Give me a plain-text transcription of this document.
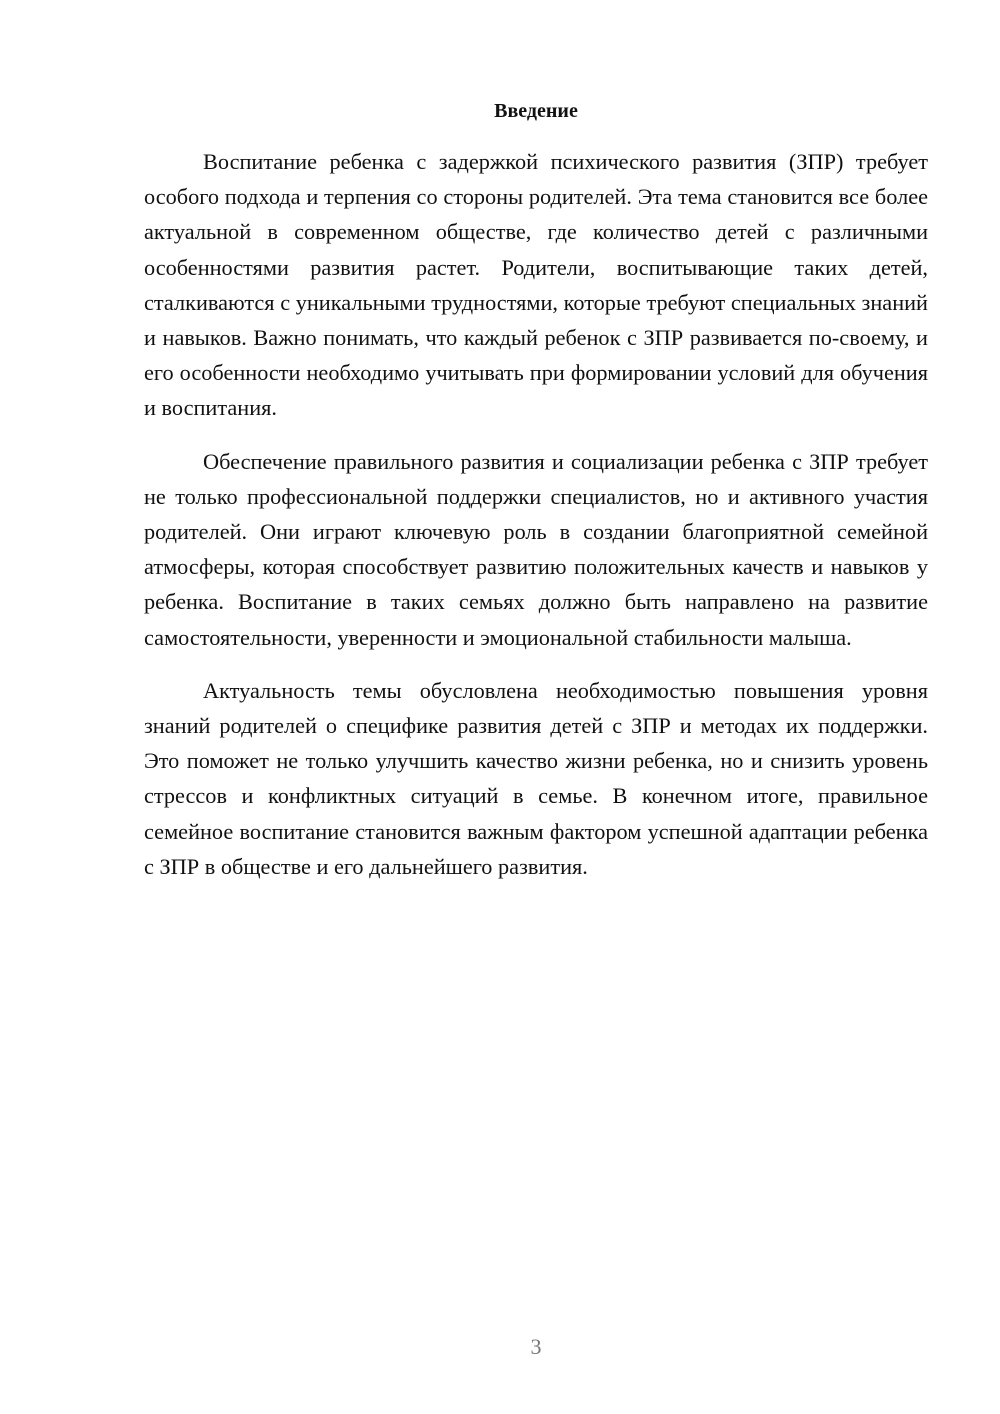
Введение

Воспитание ребенка с задержкой психического развития (ЗПР) требует особого подхода и терпения со стороны родителей. Эта тема становится все более актуальной в современном обществе, где количество детей с различными особенностями развития растет. Родители, воспитывающие таких детей, сталкиваются с уникальными трудностями, которые требуют специальных знаний и навыков. Важно понимать, что каждый ребенок с ЗПР развивается по-своему, и его особенности необходимо учитывать при формировании условий для обучения и воспитания.

Обеспечение правильного развития и социализации ребенка с ЗПР требует не только профессиональной поддержки специалистов, но и активного участия родителей. Они играют ключевую роль в создании благоприятной семейной атмосферы, которая способствует развитию положительных качеств и навыков у ребенка. Воспитание в таких семьях должно быть направлено на развитие самостоятельности, уверенности и эмоциональной стабильности малыша.

Актуальность темы обусловлена необходимостью повышения уровня знаний родителей о специфике развития детей с ЗПР и методах их поддержки. Это поможет не только улучшить качество жизни ребенка, но и снизить уровень стрессов и конфликтных ситуаций в семье. В конечном итоге, правильное семейное воспитание становится важным фактором успешной адаптации ребенка с ЗПР в обществе и его дальнейшего развития.

3
